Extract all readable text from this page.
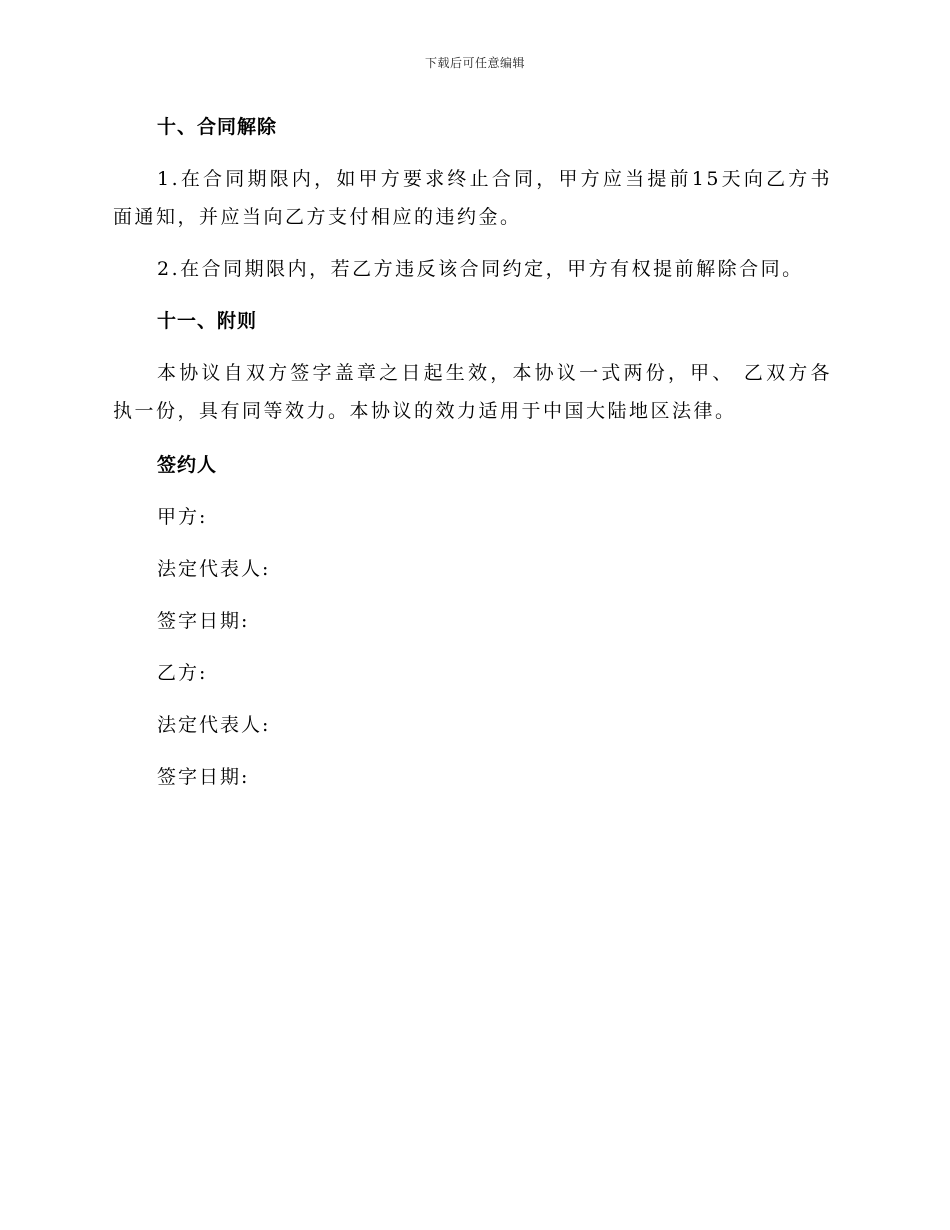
下载后可任意编辑
十、合同解除

1.在合同期限内，如甲方要求终止合同，甲方应当提前15天向乙方书面通知，并应当向乙方支付相应的违约金。

2.在合同期限内，若乙方违反该合同约定，甲方有权提前解除合同。

十一、附则

本协议自双方签字盖章之日起生效，本协议一式两份，甲、 乙双方各执一份，具有同等效力。本协议的效力适用于中国大陆地区法律。

签约人

甲方:

法定代表人:

签字日期:

乙方:

法定代表人:

签字日期:
